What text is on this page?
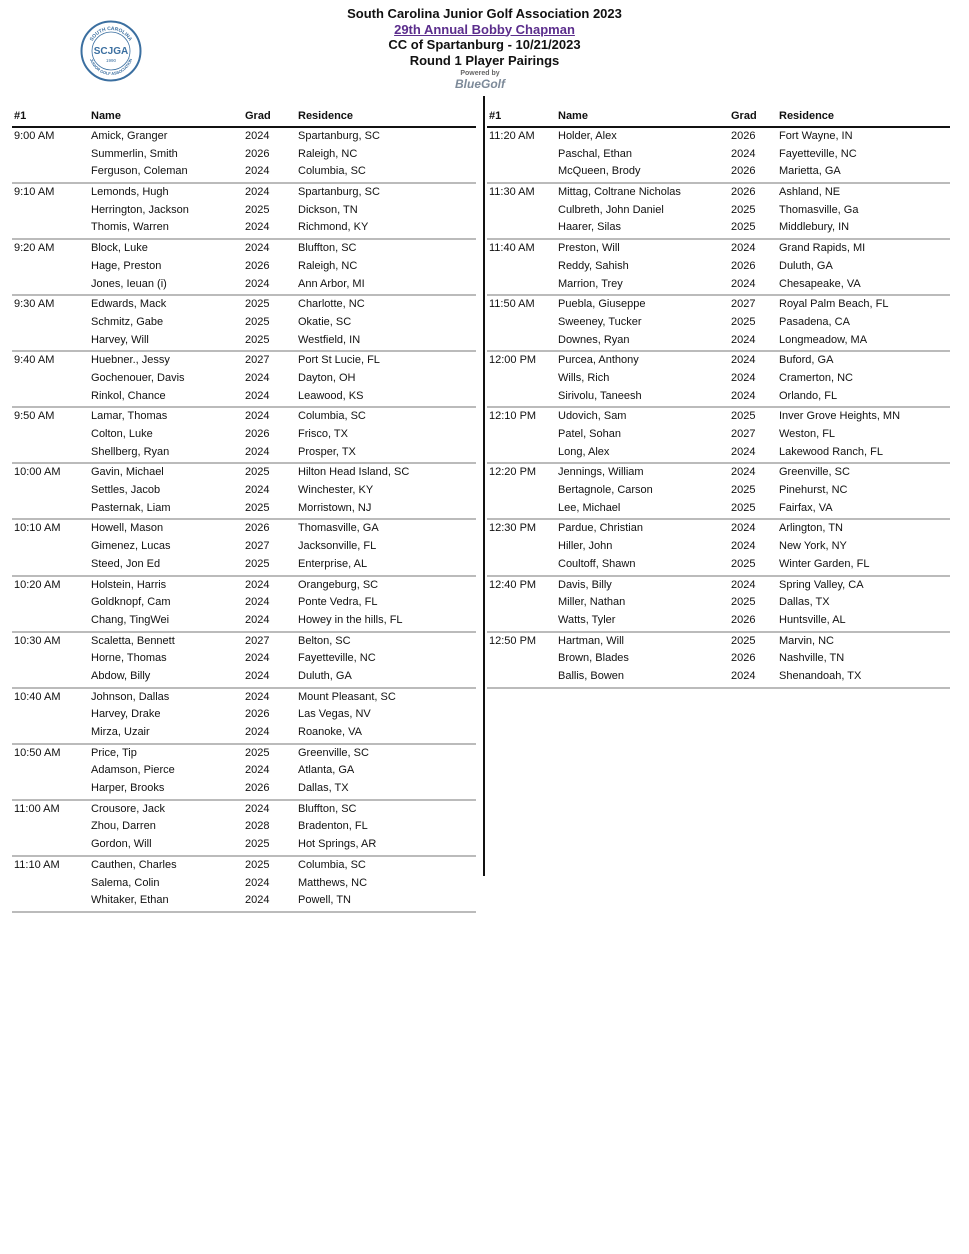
South Carolina Junior Golf Association 2023
29th Annual Bobby Chapman
CC of Spartanburg - 10/21/2023
Round 1 Player Pairings
Powered by
BlueGolf
SOUTH CAROLINA
JUNIOR GOLF ASSOCIATION
SCJGA
1990
#1	Name	Grad Residence
9:00 AM	Amick, Granger	2024	Spartanburg, SC
Summerlin, Smith	2026	Raleigh, NC
Ferguson, Coleman	2024	Columbia, SC
9:10 AM	Lemonds, Hugh	2024	Spartanburg, SC
Herrington, Jackson	2025	Dickson, TN
Thomis, Warren	2024	Richmond, KY
9:20 AM	Block, Luke	2024	Bluffton, SC
Hage, Preston	2026	Raleigh, NC
Jones, Ieuan (i)	2024	Ann Arbor, MI
9:30 AM	Edwards, Mack	2025	Charlotte, NC
Schmitz, Gabe	2025	Okatie, SC
Harvey, Will	2025	Westfield, IN
9:40 AM	Huebner., Jessy	2027	Port St Lucie, FL
Gochenouer, Davis	2024	Dayton, OH
Rinkol, Chance	2024	Leawood, KS
9:50 AM	Lamar, Thomas	2024	Columbia, SC
Colton, Luke	2026	Frisco, TX
Shellberg, Ryan	2024	Prosper, TX
10:00 AM	Gavin, Michael	2025	Hilton Head Island, SC
Settles, Jacob	2024	Winchester, KY
Pasternak, Liam	2025	Morristown, NJ
10:10 AM	Howell, Mason	2026	Thomasville, GA
Gimenez, Lucas	2027	Jacksonville, FL
Steed, Jon Ed	2025	Enterprise, AL
10:20 AM	Holstein, Harris	2024	Orangeburg, SC
Goldknopf, Cam	2024	Ponte Vedra, FL
Chang, TingWei	2024	Howey in the hills, FL
10:30 AM	Scaletta, Bennett	2027	Belton, SC
Horne, Thomas	2024	Fayetteville, NC
Abdow, Billy	2024	Duluth, GA
10:40 AM	Johnson, Dallas	2024	Mount Pleasant, SC
Harvey, Drake	2026	Las Vegas, NV
Mirza, Uzair	2024	Roanoke, VA
10:50 AM	Price, Tip	2025	Greenville, SC
Adamson, Pierce	2024	Atlanta, GA
Harper, Brooks	2026	Dallas, TX
11:00 AM	Crousore, Jack	2024	Bluffton, SC
Zhou, Darren	2028	Bradenton, FL
Gordon, Will	2025	Hot Springs, AR
11:10 AM	Cauthen, Charles	2025	Columbia, SC
Salema, Colin	2024	Matthews, NC
Whitaker, Ethan	2024	Powell, TN
#1	Name	Grad Residence
11:20 AM Holder, Alex	2026 Fort Wayne, IN
Paschal, Ethan	2024 Fayetteville, NC
McQueen, Brody	2026 Marietta, GA
11:30 AM Mittag, Coltrane Nicholas	2026 Ashland, NE
Culbreth, John Daniel	2025 Thomasville, Ga
Haarer, Silas	2025 Middlebury, IN
11:40 AM Preston, Will	2024 Grand Rapids, MI
Reddy, Sahish	2026 Duluth, GA
Marrion, Trey	2024 Chesapeake, VA
11:50 AM Puebla, Giuseppe	2027 Royal Palm Beach, FL
Sweeney, Tucker	2025 Pasadena, CA
Downes, Ryan	2024 Longmeadow, MA
12:00 PM Purcea, Anthony	2024 Buford, GA
Wills, Rich	2024 Cramerton, NC
Sirivolu, Taneesh	2024 Orlando, FL
12:10 PM Udovich, Sam	2025 Inver Grove Heights, MN
Patel, Sohan	2027 Weston, FL
Long, Alex	2024 Lakewood Ranch, FL
12:20 PM Jennings, William	2024 Greenville, SC
Bertagnole, Carson	2025 Pinehurst, NC
Lee, Michael	2025 Fairfax, VA
12:30 PM Pardue, Christian	2024 Arlington, TN
Hiller, John	2024 New York, NY
Coultoff, Shawn	2025 Winter Garden, FL
12:40 PM Davis, Billy	2024 Spring Valley, CA
Miller, Nathan	2025 Dallas, TX
Watts, Tyler	2026 Huntsville, AL
12:50 PM Hartman, Will	2025 Marvin, NC
Brown, Blades	2026 Nashville, TN
Ballis, Bowen	2024 Shenandoah, TX
